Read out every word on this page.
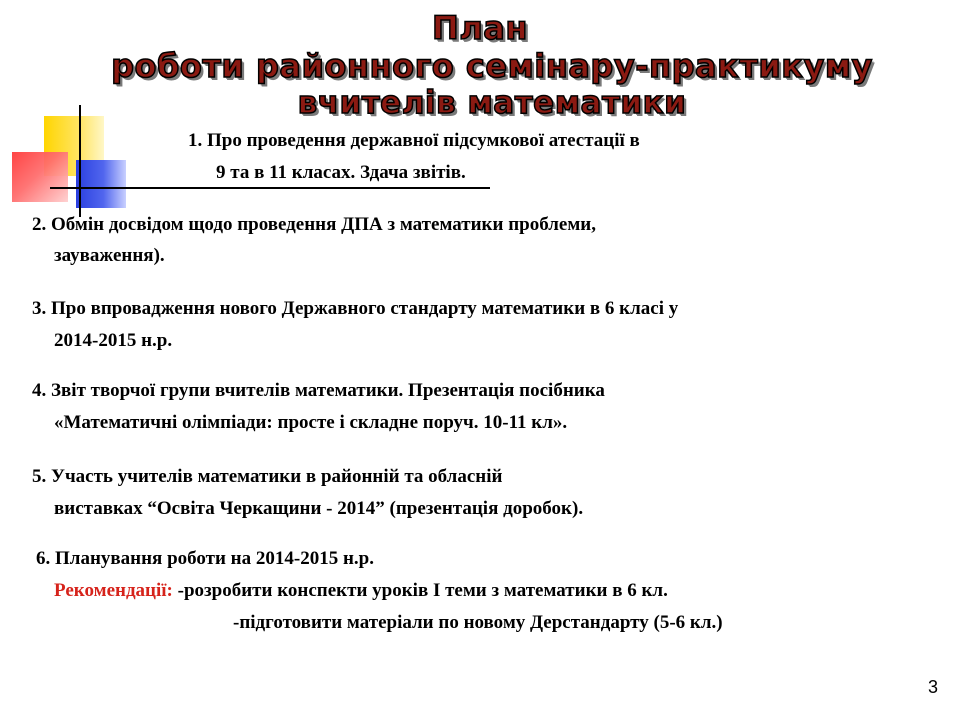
План
роботи районного семінару-практикуму
вчителів математики
1. Про проведення державної підсумкової атестації в
9 та в 11 класах. Здача звітів.
2. Обмін досвідом щодо проведення ДПА з математики проблеми,
зауваження).
3. Про впровадження нового Державного стандарту математики в 6 класі у
2014-2015 н.р.
4. Звіт творчої групи вчителів математики. Презентація посібника
«Математичні олімпіади: просте і складне поруч. 10-11 кл».
5. Участь учителів математики в районній та обласній
виставках “Освіта Черкащини - 2014” (презентація доробок).
6. Планування роботи на 2014-2015 н.р.
Рекомендації: -розробити конспекти уроків І теми з математики в 6 кл.
-підготовити матеріали по новому Дерстандарту (5-6 кл.)
3
